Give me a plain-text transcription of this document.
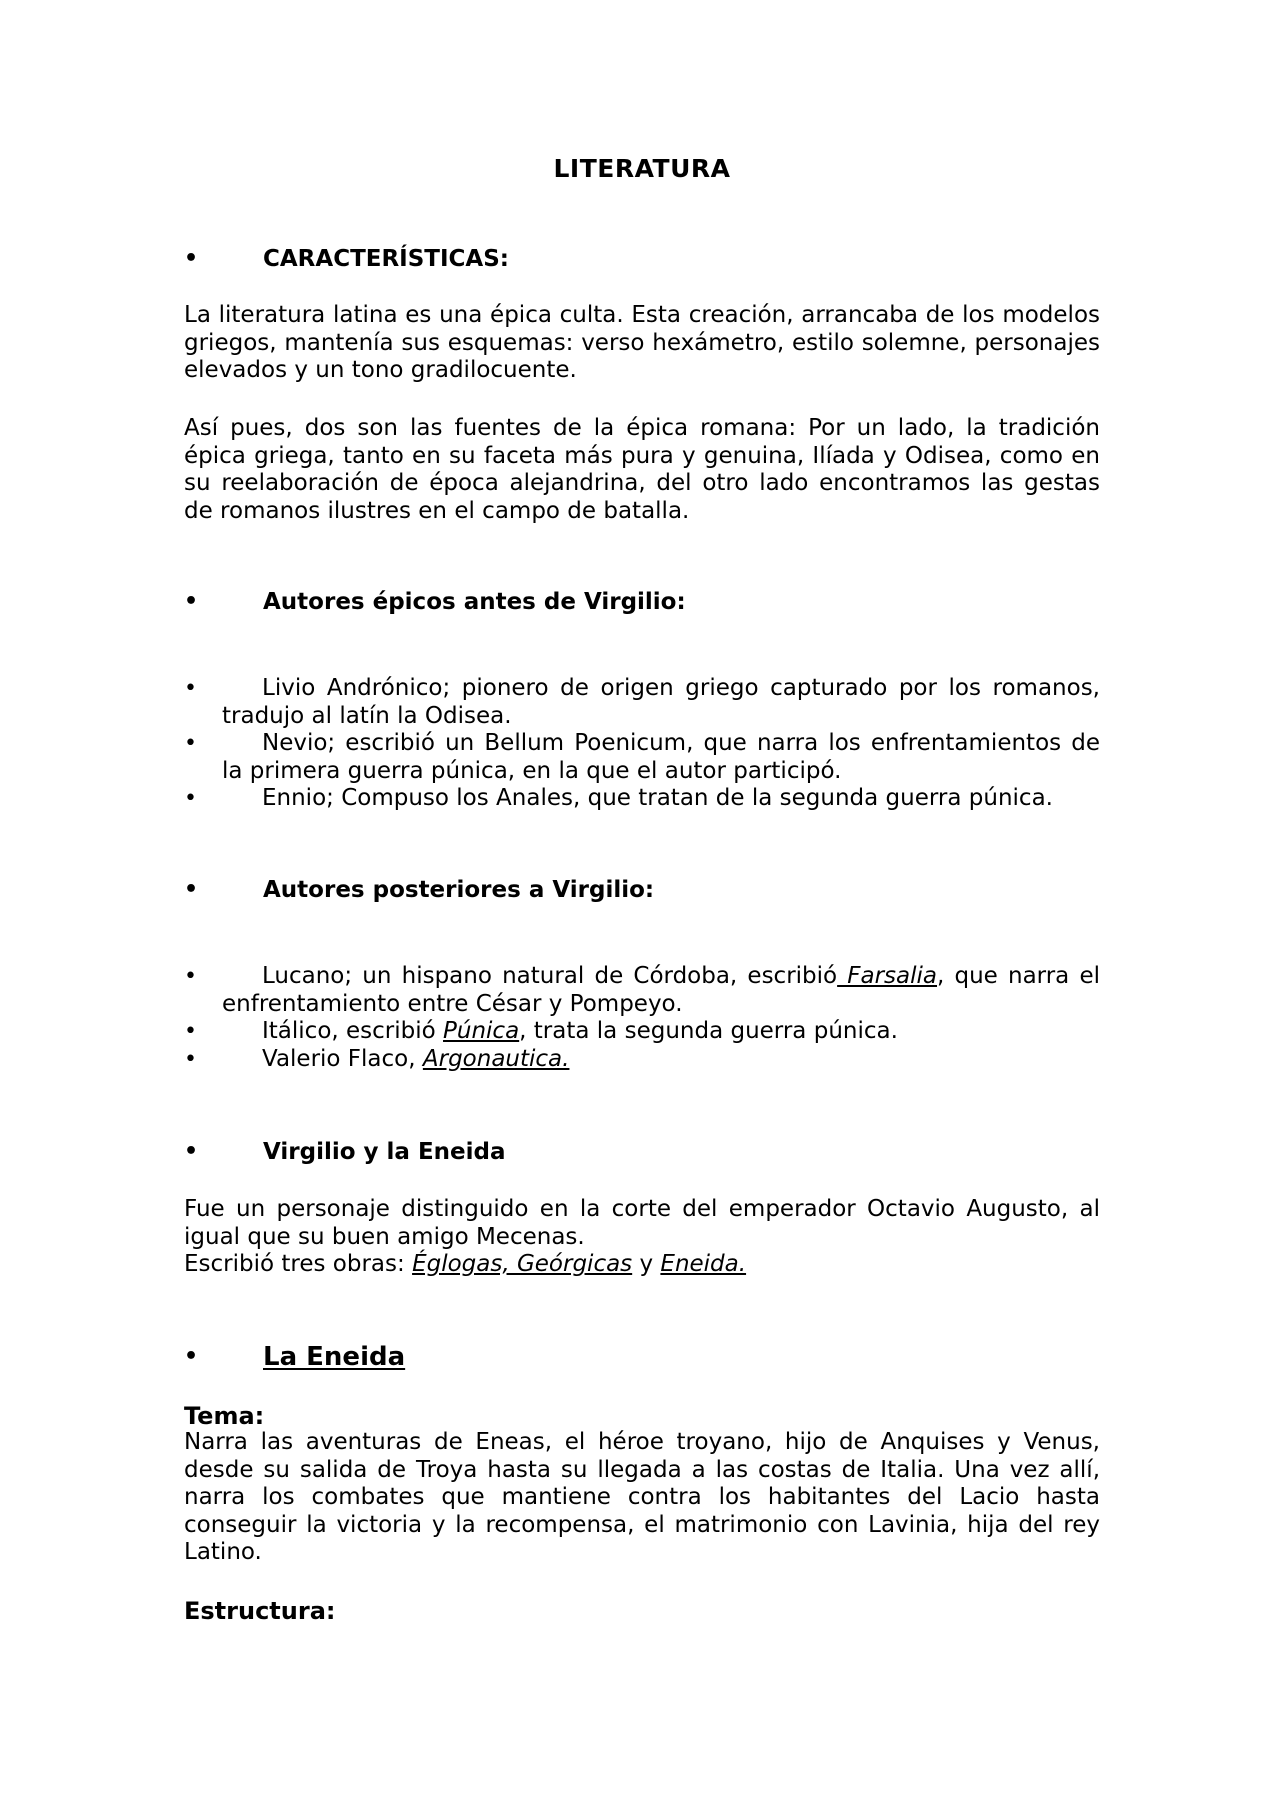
LITERATURA
•	CARACTERÍSTICAS:
La literatura latina es una épica culta. Esta creación, arrancaba de los modelos griegos, mantenía sus esquemas: verso hexámetro, estilo solemne, personajes elevados y un tono gradilocuente.
Así pues, dos son las fuentes de la épica romana: Por un lado, la tradición épica griega, tanto en su faceta más pura y genuina, Ilíada y Odisea, como en su reelaboración de época alejandrina, del otro lado encontramos las gestas de romanos ilustres en el campo de batalla.
•	Autores épicos antes de Virgilio:
•	Livio Andrónico; pionero de origen griego capturado por los romanos, tradujo al latín la Odisea.
•	Nevio; escribió un Bellum Poenicum, que narra los enfrentamientos de la primera guerra púnica, en la que el autor participó.
•	Ennio; Compuso los Anales, que tratan de la segunda guerra púnica.
•	Autores posteriores a Virgilio:
•	Lucano; un hispano natural de Córdoba, escribió Farsalia, que narra el enfrentamiento entre César y Pompeyo.
•	Itálico, escribió Púnica, trata la segunda guerra púnica.
•	Valerio Flaco, Argonautica.
•	Virgilio y la Eneida
Fue un personaje distinguido en la corte del emperador Octavio Augusto, al igual que su buen amigo Mecenas.
Escribió tres obras: Églogas, Geórgicas y Eneida.
• La Eneida
Tema:
Narra las aventuras de Eneas, el héroe troyano, hijo de Anquises y Venus, desde su salida de Troya hasta su llegada a las costas de Italia. Una vez allí, narra los combates que mantiene contra los habitantes del Lacio hasta conseguir la victoria y la recompensa, el matrimonio con Lavinia, hija del rey Latino.
Estructura:
